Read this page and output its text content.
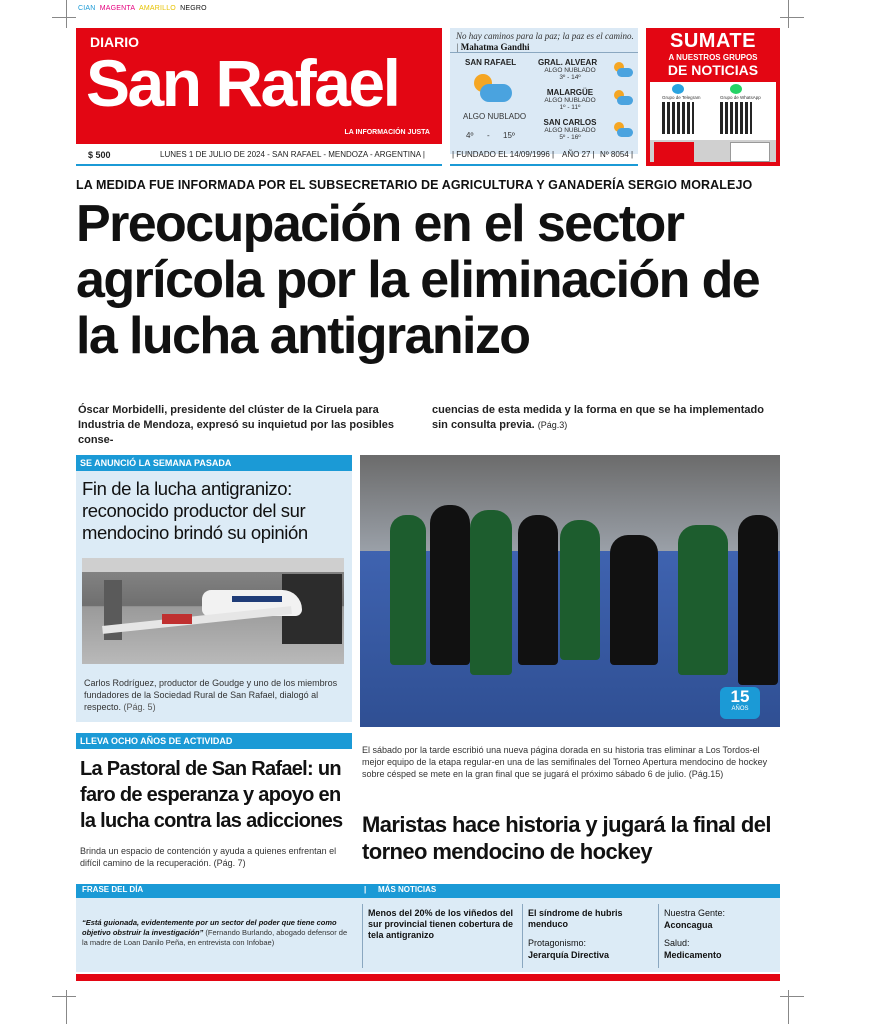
CIAN MAGENTA AMARILLO NEGRO
DIARIO
San Rafael
LA INFORMACIÓN JUSTA
No hay caminos para la paz; la paz es el camino. | Mahatma Gandhi
SAN RAFAEL
ALGO NUBLADO
4º - 15º
GRAL. ALVEAR
ALGO NUBLADO
3º - 14º
MALARGÜE
ALGO NUBLADO
1º - 11º
SAN CARLOS
ALGO NUBLADO
5º - 16º
SUMATE
A NUESTROS GRUPOS
DE NOTICIAS
Grupo de Telegram	Grupo de WhatsApp
$ 500	LUNES 1 DE JULIO DE 2024 - SAN RAFAEL - MENDOZA - ARGENTINA |	| FUNDADO EL 14/09/1996 | AÑO 27 | Nº 8054 |
LA MEDIDA FUE INFORMADA POR EL SUBSECRETARIO DE AGRICULTURA Y GANADERÍA SERGIO MORALEJO
Preocupación en el sector agrícola por la eliminación de la lucha antigranizo
Óscar Morbidelli, presidente del clúster de la Ciruela para Industria de Mendoza, expresó su inquietud por las posibles conse-
cuencias de esta medida y la forma en que se ha implementado sin consulta previa. (Pág.3)
SE ANUNCIÓ LA SEMANA PASADA
Fin de la lucha antigranizo: reconocido productor del sur mendocino brindó su opinión
Carlos Rodríguez, productor de Goudge y uno de los miembros fundadores de la Sociedad Rural de San Rafael, dialogó al respecto. (Pág. 5)
15
AÑOS
LLEVA OCHO AÑOS DE ACTIVIDAD
La Pastoral de San Rafael: un faro de esperanza y apoyo en la lucha contra las adicciones
Brinda un espacio de contención y ayuda a quienes enfrentan el difícil camino de la recuperación. (Pág. 7)
El sábado por la tarde escribió una nueva página dorada en su historia tras eliminar a Los Tordos-el mejor equipo de la etapa regular-en una de las semifinales del Torneo Apertura mendocino de hockey sobre césped se mete en la gran final que se jugará el próximo sábado 6 de julio. (Pág.15)
Maristas hace historia y jugará la final del torneo mendocino de hockey
FRASE DEL DÍA	| MÁS NOTICIAS
“Está guionada, evidentemente por un sector del poder que tiene como objetivo obstruir la investigación” (Fernando Burlando, abogado defensor de la madre de Loan Danilo Peña, en entrevista con Infobae)
Menos del 20% de los viñedos del sur provincial tienen cobertura de tela antigranizo
El síndrome de hubris menduco
Protagonismo:
Jerarquía Directiva
Nuestra Gente:
Aconcagua
Salud:
Medicamento
